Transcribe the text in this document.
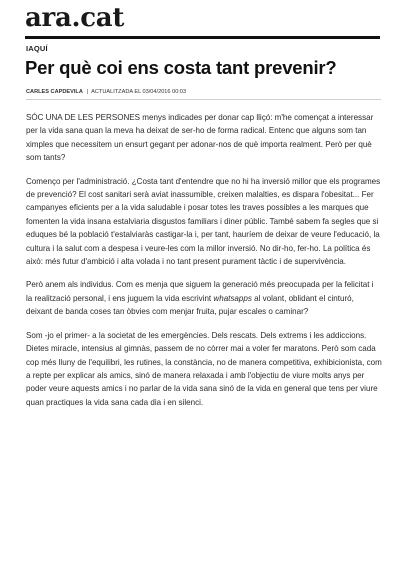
ara.cat
IAQUÍ
Per què coi ens costa tant prevenir?
CARLES CAPDEVILA | ACTUALITZADA EL 03/04/2016 00:03

SÓC UNA DE LES PERSONES menys indicades per donar cap lliçó: m'he començat a interessar per la vida sana quan la meva ha deixat de ser-ho de forma radical. Entenc que alguns som tan ximples que necessitem un ensurt gegant per adonar-nos de què importa realment. Però per què som tants?

Començo per l'administració. ¿Costa tant d'entendre que no hi ha inversió millor que els programes de prevenció? El cost sanitari serà aviat inassumible, creixen malalties, es dispara l'obesitat... Fer campanyes eficients per a la vida saludable i posar totes les traves possibles a les marques que fomenten la vida insana estalviaria disgustos familiars i diner públic. També sabem fa segles que si eduques bé la població t'estalviaràs castigar-la i, per tant, hauríem de deixar de veure l'educació, la cultura i la salut com a despesa i veure-les com la millor inversió. No dir-ho, fer-ho. La política és això: més futur d'ambició i alta volada i no tant present purament tàctic i de supervivència.

Però anem als individus. Com es menja que siguem la generació més preocupada per la felicitat i la realització personal, i ens juguem la vida escrivint whatsapps al volant, oblidant el cinturó, deixant de banda coses tan òbvies com menjar fruita, pujar escales o caminar?

Som -jo el primer- a la societat de les emergències. Dels rescats. Dels extrems i les addiccions. Dietes miracle, intensius al gimnàs, passem de no còrrer mai a voler fer maratons. Però som cada cop més lluny de l'equilibri, les rutines, la constància, no de manera competitiva, exhibicionista, com a repte per explicar als amics, sinó de manera relaxada i amb l'objectiu de viure molts anys per poder veure aquests amics i no parlar de la vida sana sinó de la vida en general que tens per viure quan practiques la vida sana cada dia i en silenci.
